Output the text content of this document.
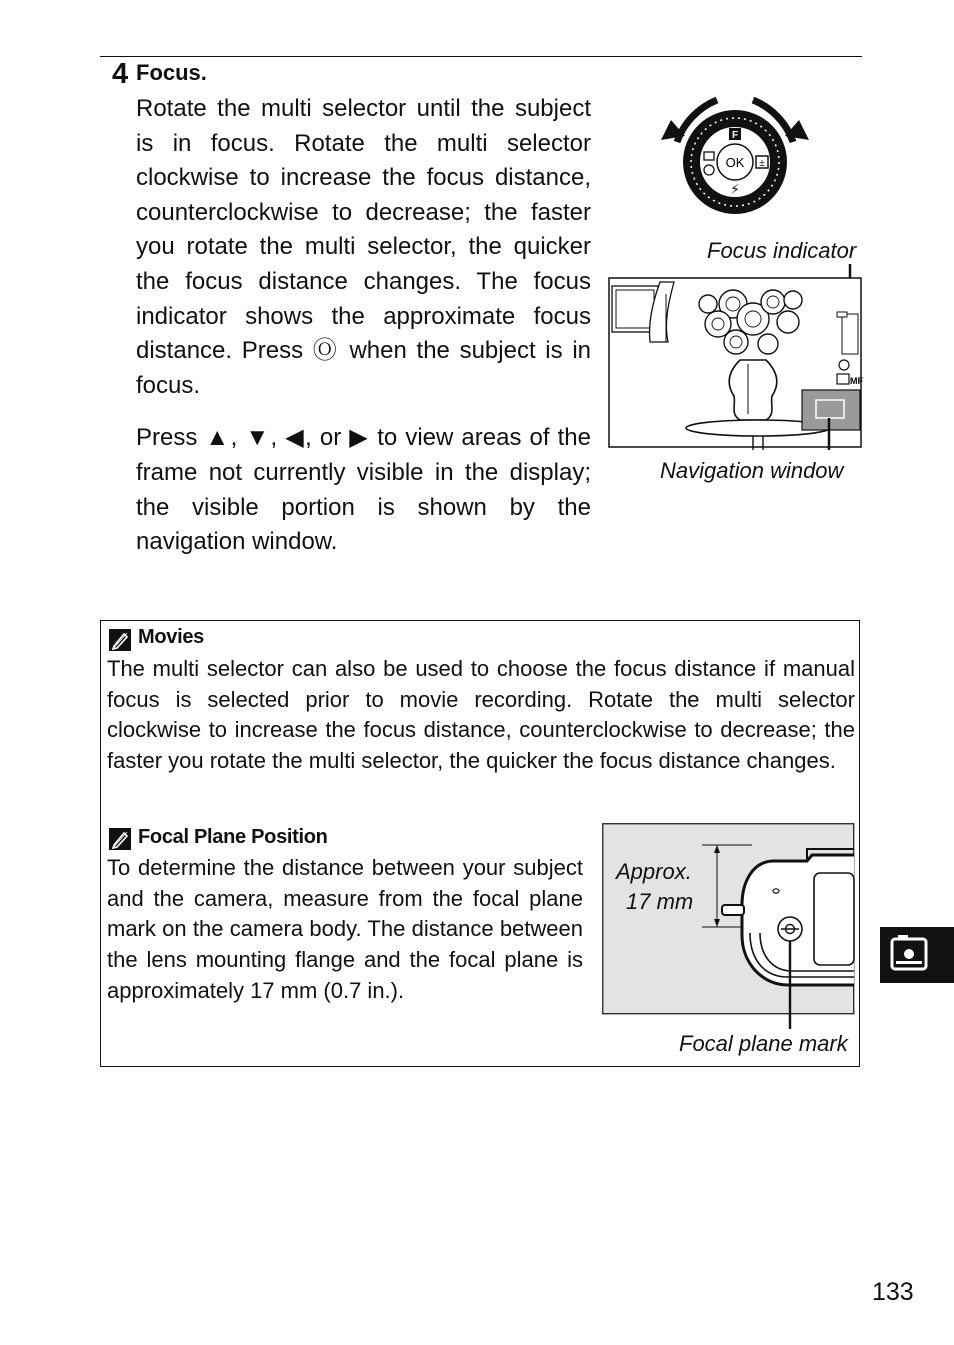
4 Focus.

Rotate the multi selector until the subject is in focus. Rotate the multi selector clockwise to increase the focus distance, counterclockwise to decrease; the faster you rotate the multi selector, the quicker the focus distance changes. The focus indicator shows the approximate focus distance. Press Ⓞ when the subject is in focus.

Press ▲, ▼, ◀, or ▶ to view areas of the frame not currently visible in the display; the visible portion is shown by the navigation window.

OK
F
±
⚡
Focus indicator
MF
Navigation window
Movies
The multi selector can also be used to choose the focus distance if manual focus is selected prior to movie recording. Rotate the multi selector clockwise to increase the focus distance, counterclockwise to decrease; the faster you rotate the multi selector, the quicker the focus distance changes.
Focal Plane Position
To determine the distance between your subject and the camera, measure from the focal plane mark on the camera body. The distance between the lens mounting flange and the focal plane is approximately 17 mm (0.7 in.).
Approx.
17 mm
Focal plane mark
133
